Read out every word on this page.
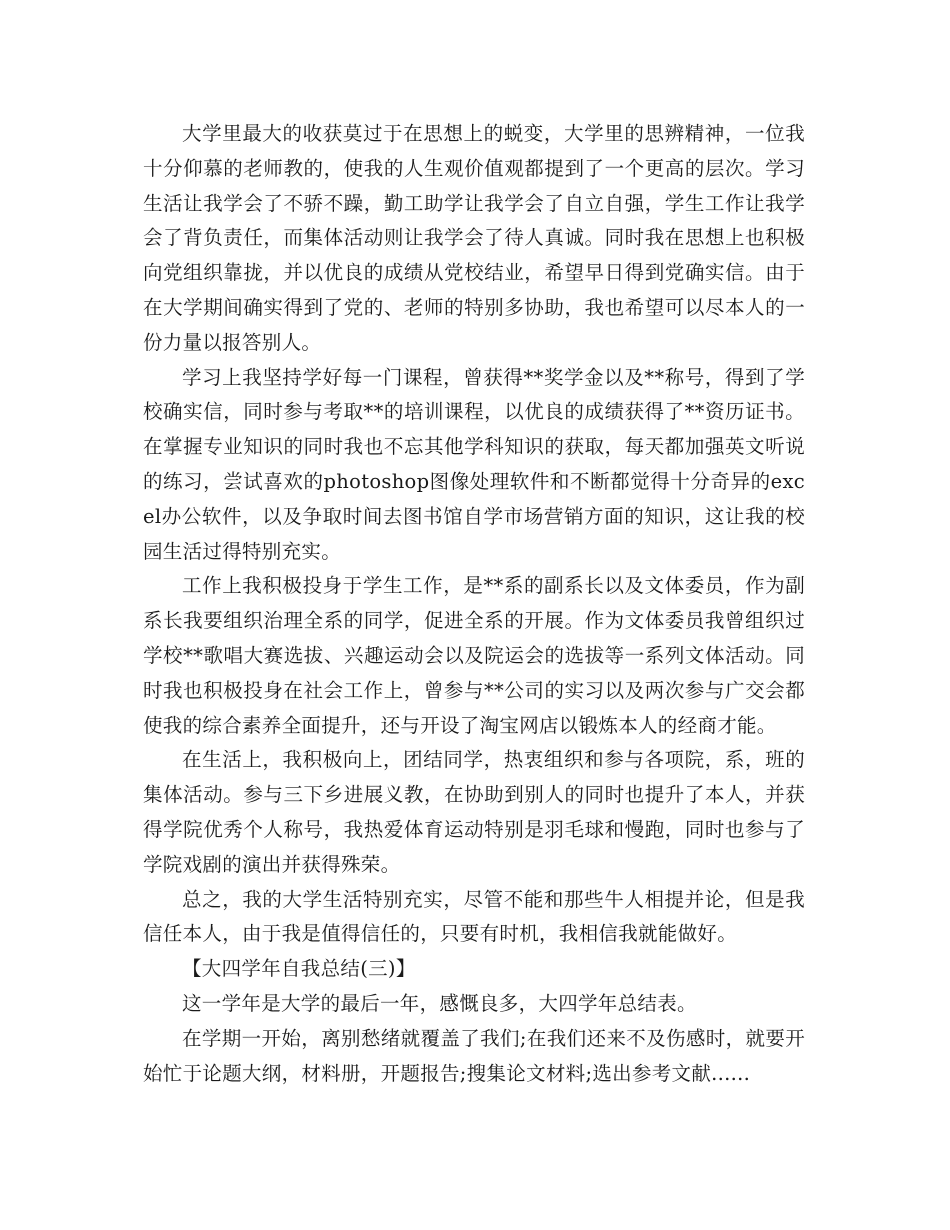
大学里最大的收获莫过于在思想上的蜕变，大学里的思辨精神，一位我十分仰慕的老师教的，使我的人生观价值观都提到了一个更高的层次。学习生活让我学会了不骄不躁，勤工助学让我学会了自立自强，学生工作让我学会了背负责任，而集体活动则让我学会了待人真诚。同时我在思想上也积极向党组织靠拢，并以优良的成绩从党校结业，希望早日得到党确实信。由于在大学期间确实得到了党的、老师的特别多协助，我也希望可以尽本人的一份力量以报答别人。

学习上我坚持学好每一门课程，曾获得**奖学金以及**称号，得到了学校确实信，同时参与考取**的培训课程，以优良的成绩获得了**资历证书。在掌握专业知识的同时我也不忘其他学科知识的获取，每天都加强英文听说的练习，尝试喜欢的photoshop图像处理软件和不断都觉得十分奇异的excel办公软件，以及争取时间去图书馆自学市场营销方面的知识，这让我的校园生活过得特别充实。

工作上我积极投身于学生工作，是**系的副系长以及文体委员，作为副系长我要组织治理全系的同学，促进全系的开展。作为文体委员我曾组织过学校**歌唱大赛选拔、兴趣运动会以及院运会的选拔等一系列文体活动。同时我也积极投身在社会工作上，曾参与**公司的实习以及两次参与广交会都使我的综合素养全面提升，还与开设了淘宝网店以锻炼本人的经商才能。

在生活上，我积极向上，团结同学，热衷组织和参与各项院，系，班的集体活动。参与三下乡进展义教，在协助到别人的同时也提升了本人，并获得学院优秀个人称号，我热爱体育运动特别是羽毛球和慢跑，同时也参与了学院戏剧的演出并获得殊荣。

总之，我的大学生活特别充实，尽管不能和那些牛人相提并论，但是我信任本人，由于我是值得信任的，只要有时机，我相信我就能做好。

【大四学年自我总结(三)】

这一学年是大学的最后一年，感慨良多，大四学年总结表。

在学期一开始，离别愁绪就覆盖了我们;在我们还来不及伤感时，就要开始忙于论题大纲，材料册，开题报告;搜集论文材料;选出参考文献......
